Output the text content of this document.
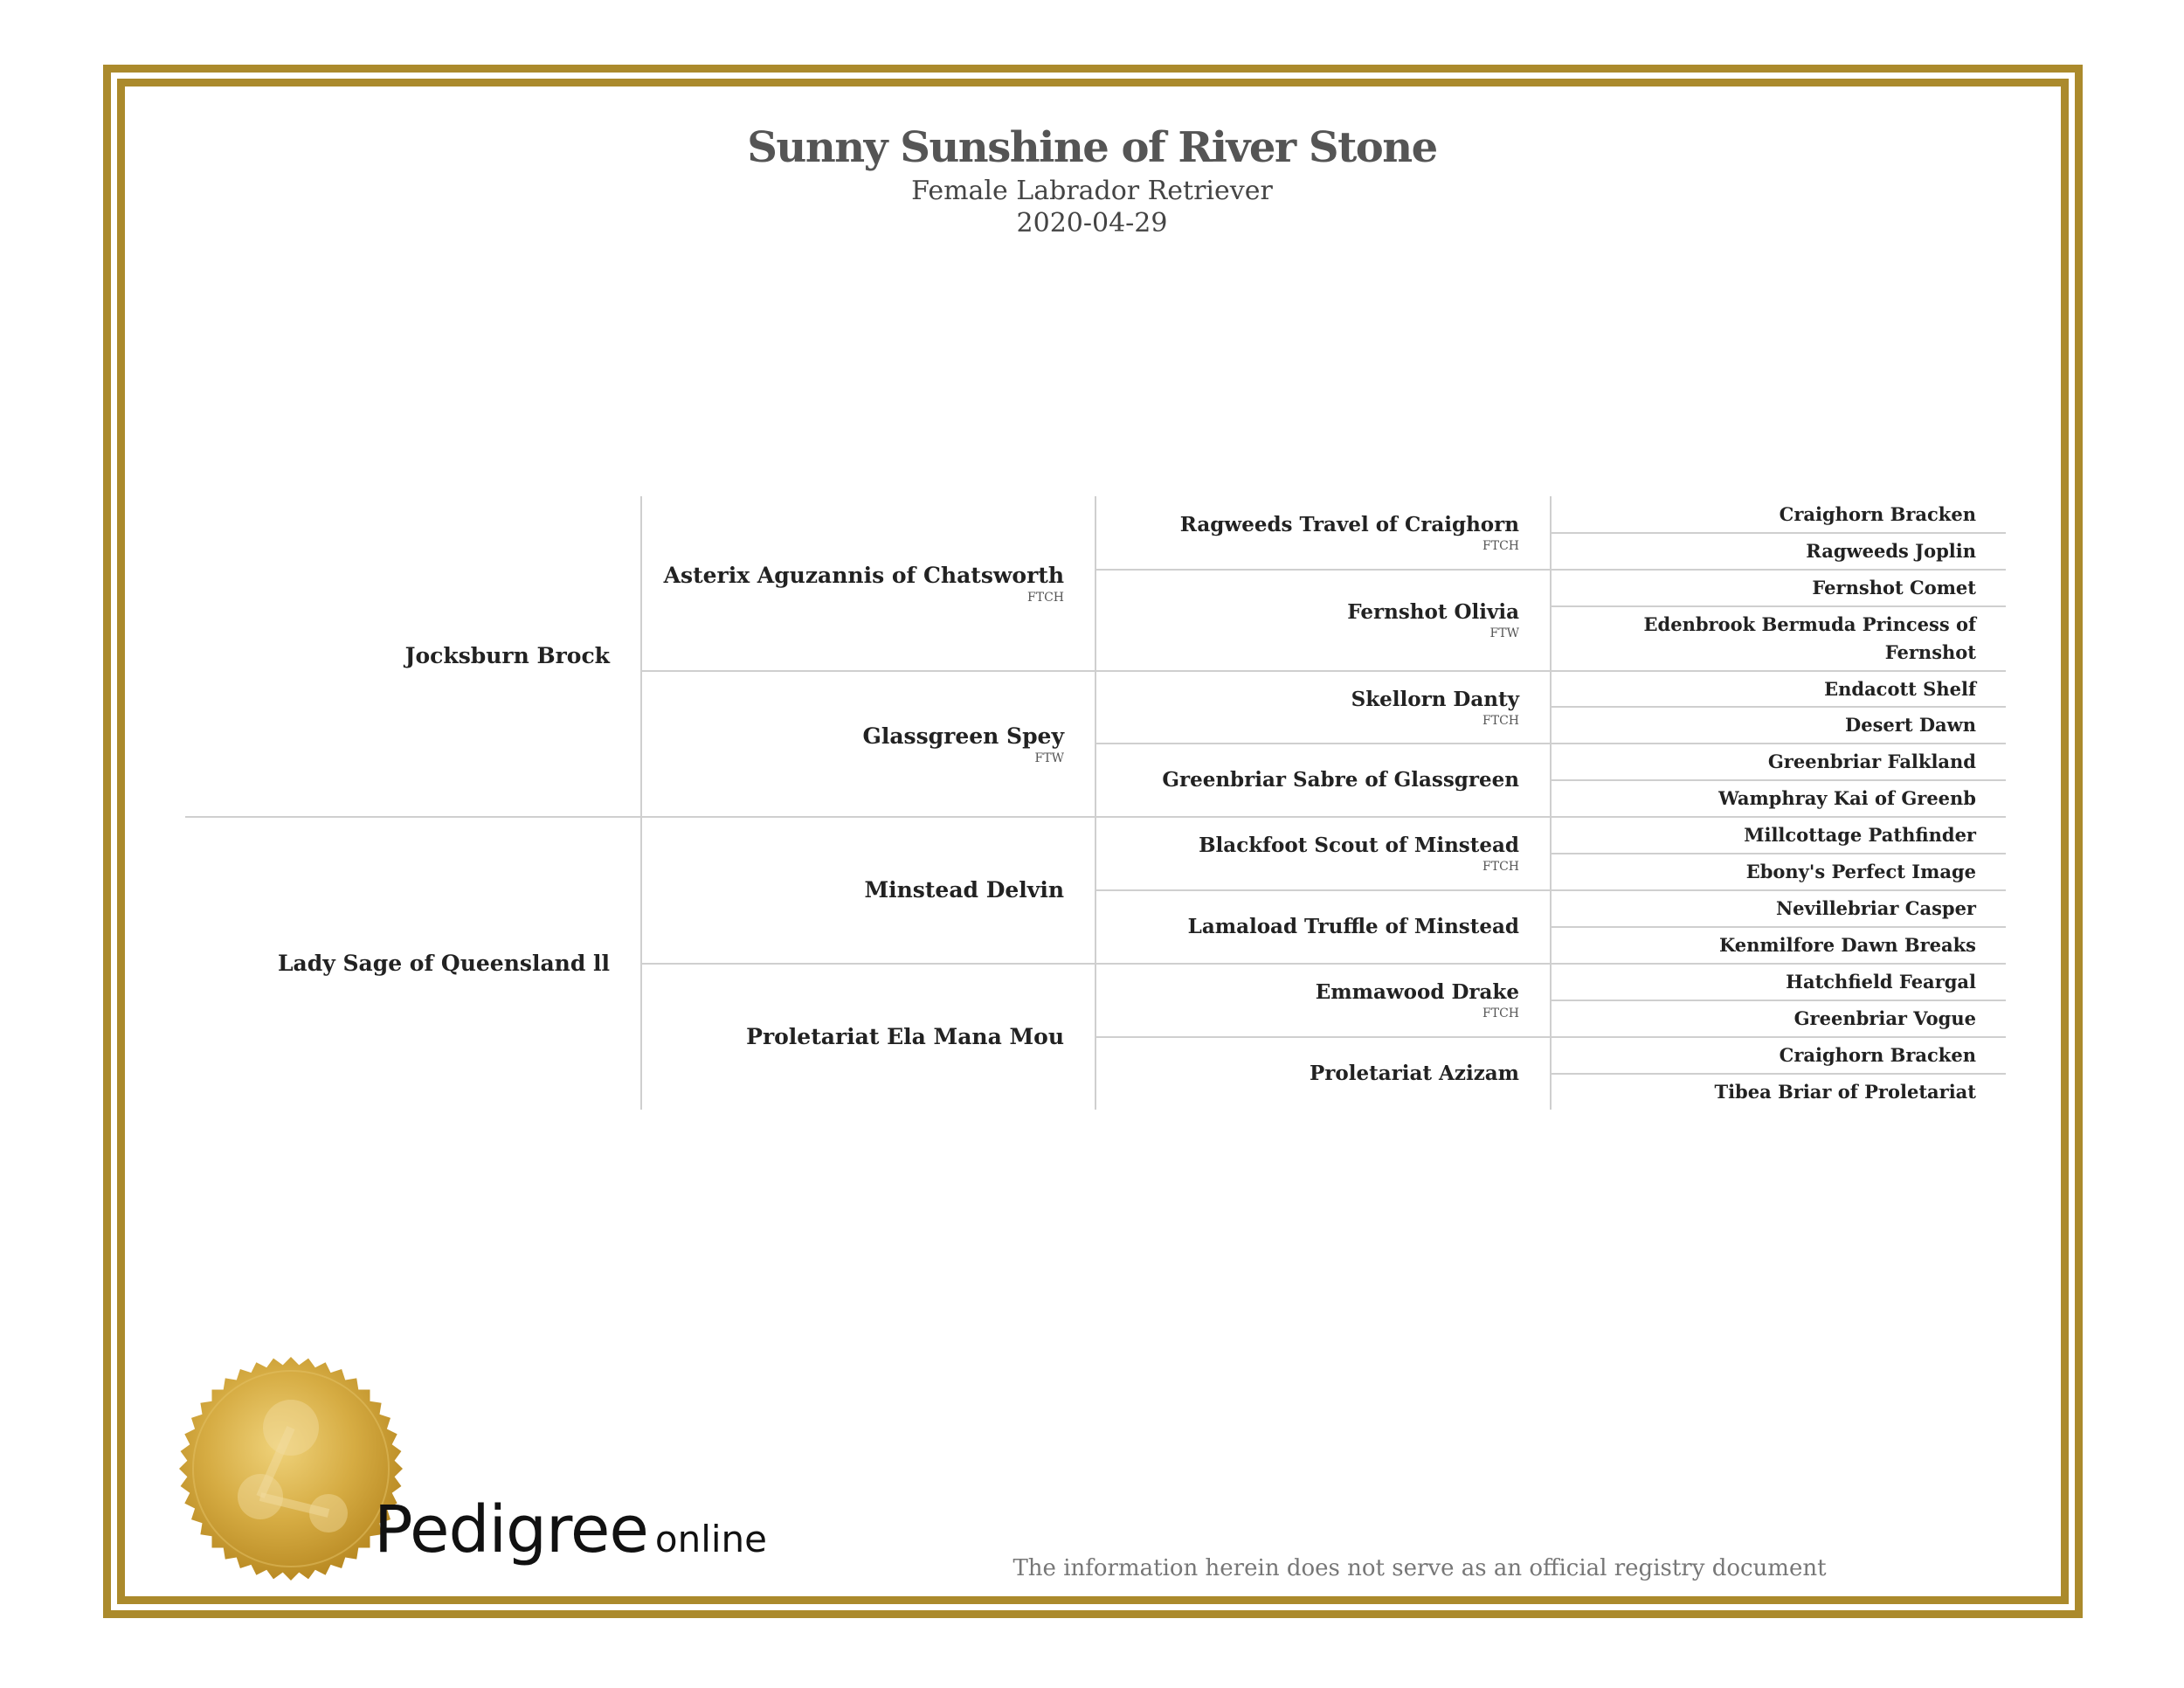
Sunny Sunshine of River Stone
Female Labrador Retriever
2020-04-29
Jocksburn Brock
Lady Sage of Queensland ll
Asterix Aguzannis of Chatsworth
FTCH
Glassgreen Spey
FTW
Minstead Delvin
Proletariat Ela Mana Mou
Ragweeds Travel of Craighorn
FTCH
Fernshot Olivia
FTW
Skellorn Danty
FTCH
Greenbriar Sabre of Glassgreen
Blackfoot Scout of Minstead
FTCH
Lamaload Truffle of Minstead
Emmawood Drake
FTCH
Proletariat Azizam
Craighorn Bracken
Ragweeds Joplin
Fernshot Comet
Edenbrook Bermuda Princess of Fernshot
Endacott Shelf
Desert Dawn
Greenbriar Falkland
Wamphray Kai of Greenb
Millcottage Pathfinder
Ebony's Perfect Image
Nevillebriar Casper
Kenmilfore Dawn Breaks
Hatchfield Feargal
Greenbriar Vogue
Craighorn Bracken
Tibea Briar of Proletariat
Pedigree online
The information herein does not serve as an official registry document
